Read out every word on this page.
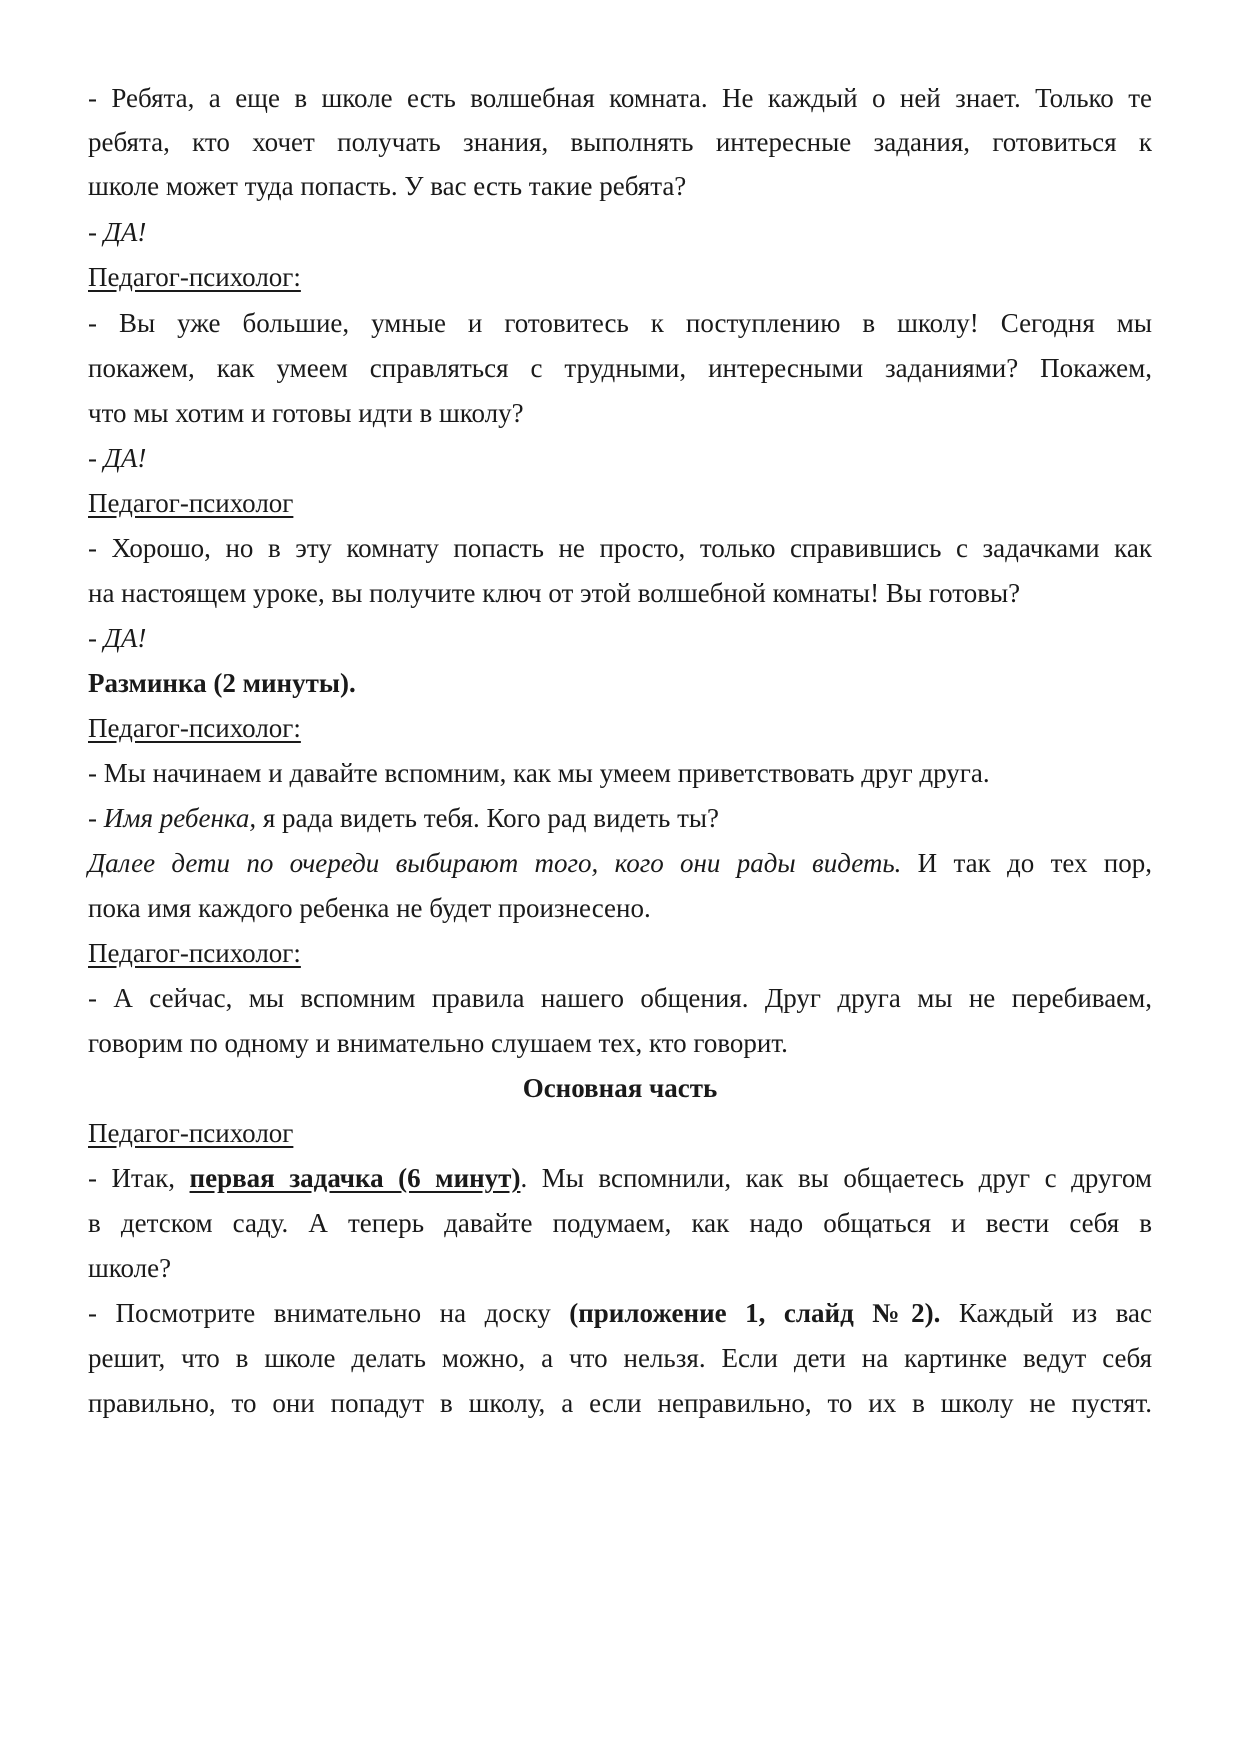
- Ребята, а еще в школе есть волшебная комната. Не каждый о ней знает. Только те
ребята, кто хочет получать знания, выполнять интересные задания, готовиться к
школе может туда попасть. У вас есть такие ребята?
- ДА!
Педагог-психолог:
- Вы уже большие, умные и готовитесь к поступлению в школу! Сегодня мы
покажем, как умеем справляться с трудными, интересными заданиями? Покажем,
что мы хотим и готовы идти в школу?
- ДА!
Педагог-психолог
- Хорошо, но в эту комнату попасть не просто, только справившись с задачками как
на настоящем уроке, вы получите ключ от этой волшебной комнаты! Вы готовы?
- ДА!
Разминка (2 минуты).
Педагог-психолог:
- Мы начинаем и давайте вспомним, как мы умеем приветствовать друг друга.
- Имя ребенка, я рада видеть тебя. Кого рад видеть ты?
Далее дети по очереди выбирают того, кого они рады видеть. И так до тех пор,
пока имя каждого ребенка не будет произнесено.
Педагог-психолог:
- А сейчас, мы вспомним правила нашего общения. Друг друга мы не перебиваем,
говорим по одному и внимательно слушаем тех, кто говорит.
Основная часть
Педагог-психолог
- Итак, первая задачка (6 минут). Мы вспомнили, как вы общаетесь друг с другом
в детском саду. А теперь давайте подумаем, как надо общаться и вести себя в
школе?
- Посмотрите внимательно на доску (приложение 1, слайд №2). Каждый из вас
решит, что в школе делать можно, а что нельзя. Если дети на картинке ведут себя
правильно, то они попадут в школу, а если неправильно, то их в школу не пустят.
